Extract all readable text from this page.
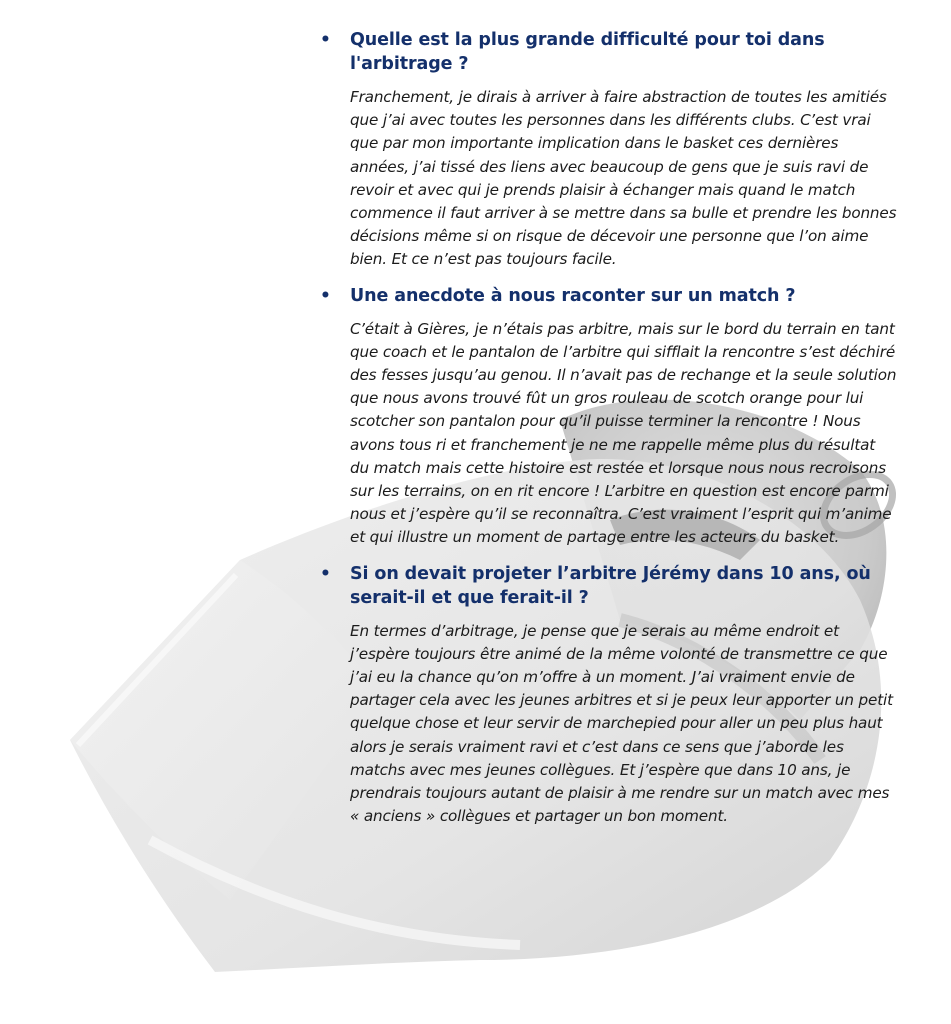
• Quelle est la plus grande difficulté pour toi dans l'arbitrage ?

Franchement, je dirais à arriver à faire abstraction de toutes les amitiés que j’ai avec toutes les personnes dans les différents clubs. C’est vrai que par mon importante implication dans le basket ces dernières années, j’ai tissé des liens avec beaucoup de gens que je suis ravi de revoir et avec qui je prends plaisir à échanger mais quand le match commence il faut arriver à se mettre dans sa bulle et prendre les bonnes décisions même si on risque de décevoir une personne que l’on aime bien. Et ce n’est pas toujours facile.

• Une anecdote à nous raconter sur un match ?

C’était à Gières, je n’étais pas arbitre, mais sur le bord du terrain en tant que coach et le pantalon de l’arbitre qui sifflait la rencontre s’est déchiré des fesses jusqu’au genou. Il n’avait pas de rechange et la seule solution que nous avons trouvé fût un gros rouleau de scotch orange pour lui scotcher son pantalon pour qu’il puisse terminer la rencontre ! Nous avons tous ri et franchement je ne me rappelle même plus du résultat du match mais cette histoire est restée et lorsque nous nous recroisons sur les terrains, on en rit encore ! L’arbitre en question est encore parmi nous et j’espère qu’il se reconnaîtra. C’est vraiment l’esprit qui m’anime et qui illustre un moment de partage entre les acteurs du basket.

• Si on devait projeter l’arbitre Jérémy dans 10 ans, où serait-il et que ferait-il ?

En termes d’arbitrage, je pense que je serais au même endroit et j’espère toujours être animé de la même volonté de transmettre ce que j’ai eu la chance qu’on m’offre à un moment. J’ai vraiment envie de partager cela avec les jeunes arbitres et si je peux leur apporter un petit quelque chose et leur servir de marchepied pour aller un peu plus haut alors je serais vraiment ravi et c’est dans ce sens que j’aborde les matchs avec mes jeunes collègues. Et j’espère que dans 10 ans, je prendrais toujours autant de plaisir à me rendre sur un match avec mes « anciens » collègues et partager un bon moment.
